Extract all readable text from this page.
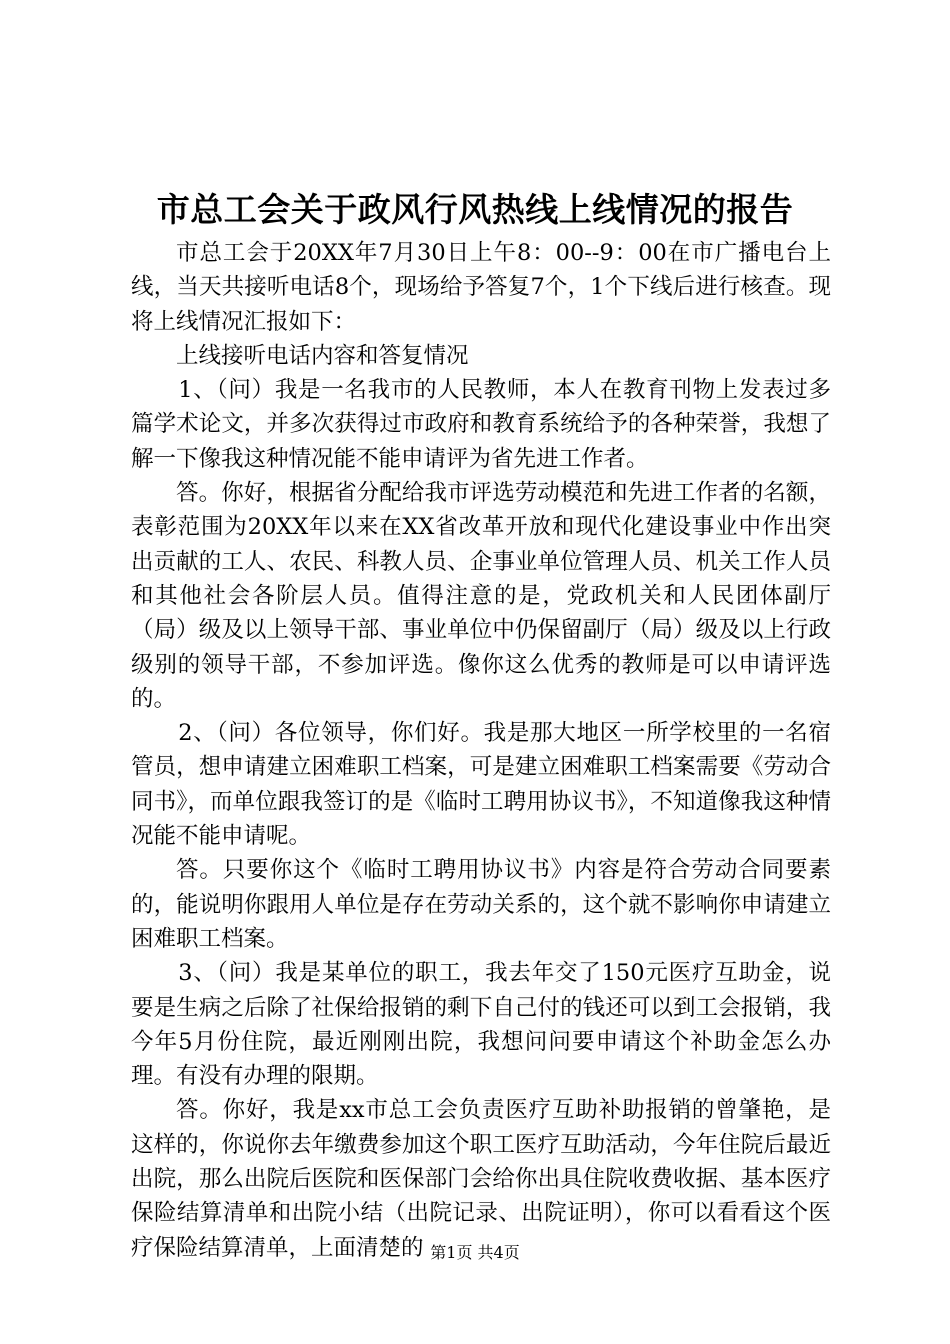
市总工会关于政风行风热线上线情况的报告

市总工会于20XX年7月30日上午8：00--9：00在市广播电台上线，当天共接听电话8个，现场给予答复7个，1个下线后进行核查。现将上线情况汇报如下：

上线接听电话内容和答复情况

1、（问）我是一名我市的人民教师，本人在教育刊物上发表过多篇学术论文，并多次获得过市政府和教育系统给予的各种荣誉，我想了解一下像我这种情况能不能申请评为省先进工作者。

答。你好，根据省分配给我市评选劳动模范和先进工作者的名额，表彰范围为20XX年以来在XX省改革开放和现代化建设事业中作出突出贡献的工人、农民、科教人员、企事业单位管理人员、机关工作人员和其他社会各阶层人员。值得注意的是，党政机关和人民团体副厅（局）级及以上领导干部、事业单位中仍保留副厅（局）级及以上行政级别的领导干部，不参加评选。像你这么优秀的教师是可以申请评选的。

2、（问）各位领导，你们好。我是那大地区一所学校里的一名宿管员，想申请建立困难职工档案，可是建立困难职工档案需要《劳动合同书》，而单位跟我签订的是《临时工聘用协议书》，不知道像我这种情况能不能申请呢。

答。只要你这个《临时工聘用协议书》内容是符合劳动合同要素的，能说明你跟用人单位是存在劳动关系的，这个就不影响你申请建立困难职工档案。

3、（问）我是某单位的职工，我去年交了150元医疗互助金，说要是生病之后除了社保给报销的剩下自己付的钱还可以到工会报销，我今年5月份住院，最近刚刚出院，我想问问要申请这个补助金怎么办理。有没有办理的限期。

答。你好，我是xx市总工会负责医疗互助补助报销的曾肇艳，是这样的，你说你去年缴费参加这个职工医疗互助活动，今年住院后最近出院，那么出院后医院和医保部门会给你出具住院收费收据、基本医疗保险结算清单和出院小结（出院记录、出院证明），你可以看看这个医疗保险结算清单，上面清楚的 第1页 共4页
